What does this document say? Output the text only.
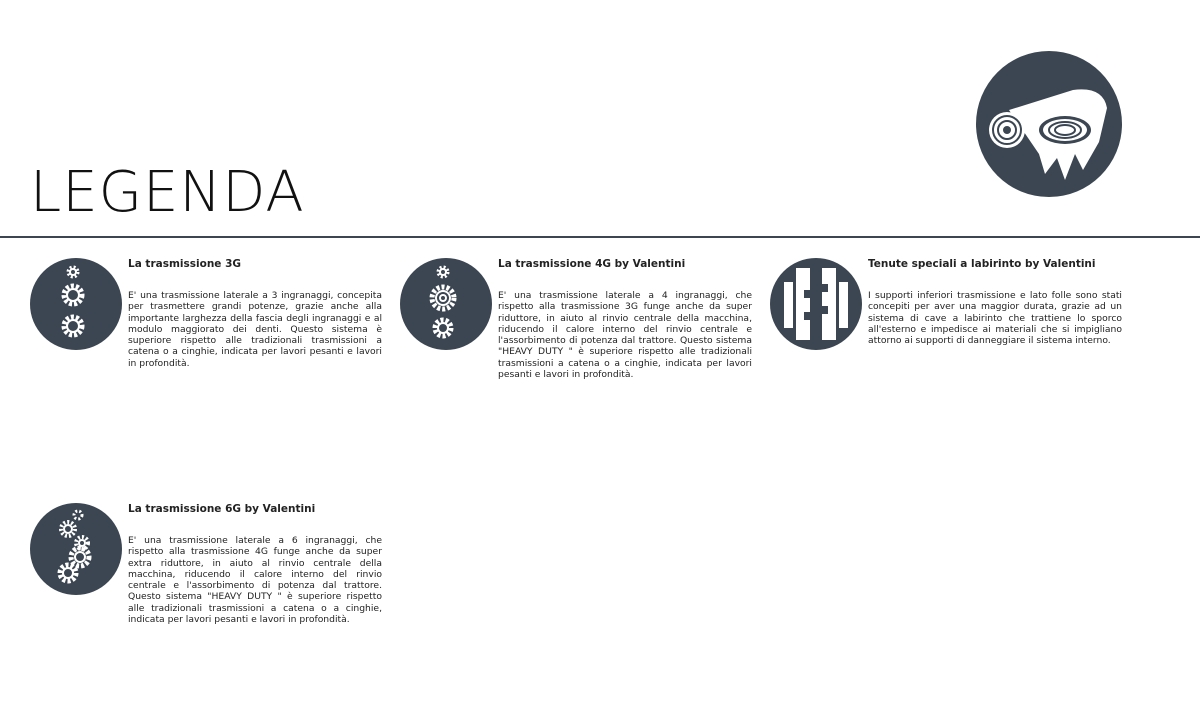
LEGENDA
La trasmissione 3G

E' una trasmissione laterale a 3 ingranaggi, concepita per trasmettere grandi potenze, grazie anche alla importante larghezza della fascia degli ingranaggi e al modulo maggiorato dei denti. Questo sistema è superiore rispetto alle tradizionali trasmissioni a catena o a cinghie, indicata per lavori pesanti e lavori in profondità.

La trasmissione 4G by Valentini

E' una trasmissione laterale a 4 ingranaggi, che rispetto alla trasmissione 3G funge anche da super riduttore, in aiuto al rinvio centrale della macchina, riducendo il calore interno del rinvio centrale e l'assorbimento di potenza dal trattore. Questo sistema "HEAVY DUTY " è superiore rispetto alle tradizionali trasmissioni a catena o a cinghie, indicata per lavori pesanti e lavori in profondità.

Tenute speciali a labirinto by Valentini

I supporti inferiori trasmissione e lato folle sono stati concepiti per aver una maggior durata, grazie ad un sistema di cave a labirinto che trattiene lo sporco all'esterno e impedisce ai materiali che si impigliano attorno ai supporti di danneggiare il sistema interno.

La trasmissione 6G by Valentini

E' una trasmissione laterale a 6 ingranaggi, che rispetto alla trasmissione 4G funge anche da super extra riduttore, in aiuto al rinvio centrale della macchina, riducendo il calore interno del rinvio centrale e l'assorbimento di potenza dal trattore. Questo sistema "HEAVY DUTY " è superiore rispetto alle tradizionali trasmissioni a catena o a cinghie, indicata per lavori pesanti e lavori in profondità.
